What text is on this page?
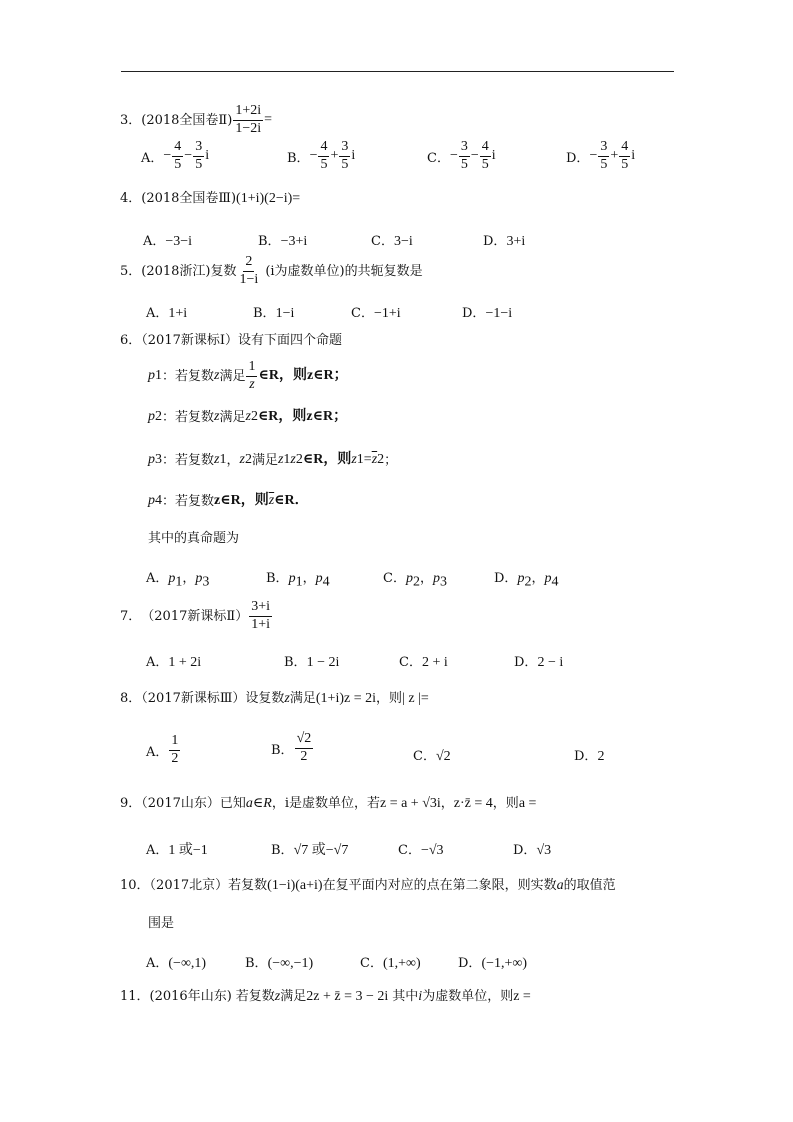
3． (2018全国卷Ⅱ) $\frac{1+2i}{1-2i}$ =
A． − $\frac{4}{5} - \frac{3}{5}$ i	B． − $\frac{4}{5} + \frac{3}{5}$ i	C． − $\frac{3}{5} - \frac{4}{5}$ i	D． − $\frac{3}{5} + \frac{4}{5}$ i
4．(2018全国卷Ⅲ)(1+i)(2−i)=
A．−3−i	B．−3+i	C．3−i	D．3+i
5． (2018浙江) 复数 $\frac{2}{1-i} (i$为虚数单位)的共轭复数是
A．1+i	B．1−i	C．−1+i	D．−1−i
6．（2017新课标Ⅰ）设有下面四个命题
p 1 ：若复数 z 满足 $\frac{1}{z}$ ∈R，则 z∈R；
p 2 ：若复数 z 满足 z 2 ∈R，则 z∈R；
p 3 ：若复数 z 1 ， z 2 满足 z 1 z 2 ∈R，则 z $1 = \overline{z}$ 2 ；
p 4 ：若复数 z∈R，则 $\overline{z}$ ∈R．
其中的真命题为
A．$p_1$，$p_3$	B．$p_1$，$p_4$	C．$p_2$，$p_3$	D．$p_2$，$p_4$
7． （2017新课标Ⅱ） $\frac{3+i}{1+i}$
A．1 + 2i	B．1 − 2i	C．2 + i	D．2 − i
8．（2017新课标Ⅲ）设复数z满足(1+i)z = 2i，则| z |=
A． $\frac{1}{2}$	B． $\frac{√2}{2}$	C．√2	D．2
9．（2017山东）已知a∈R，i是虚数单位，若z = a + √3i，z·z̄ = 4，则a =
A．1 或−1	B．√7 或−√7	C．−√3	D．√3
10．（2017北京）若复数(1−i)(a+i)在复平面内对应的点在第二象限，则实数a的取值范
围是
A．(−∞,1)	B．(−∞,−1)	C．(1,+∞)	D．(−1,+∞)
11．(2016年山东) 若复数z满足2z + z̄ = 3 − 2i 其中i为虚数单位，则z =
